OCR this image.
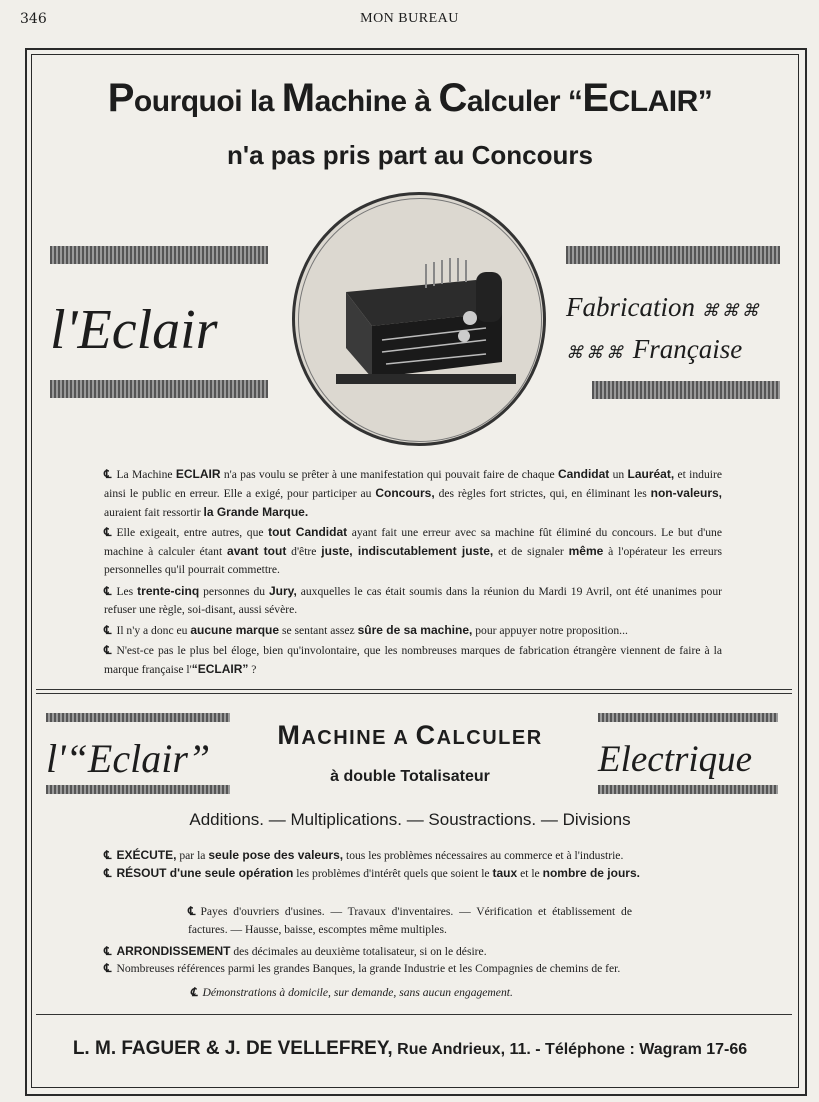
346	MON BUREAU
Pourquoi la Machine à Calculer “ECLAIR”
n'a pas pris part au Concours
l'Eclair	Fabrication ⌘⌘⌘
⌘⌘⌘ Française
℄ La Machine ECLAIR n'a pas voulu se prêter à une manifestation qui pouvait faire de chaque Candidat un Lauréat, et induire ainsi le public en erreur. Elle a exigé, pour participer au Concours, des règles fort strictes, qui, en éliminant les non-valeurs, auraient fait ressortir la Grande Marque.
℄ Elle exigeait, entre autres, que tout Candidat ayant fait une erreur avec sa machine fût éliminé du concours. Le but d'une machine à calculer étant avant tout d'être juste, indiscutablement juste, et de signaler même à l'opérateur les erreurs personnelles qu'il pourrait commettre.
℄ Les trente-cinq personnes du Jury, auxquelles le cas était soumis dans la réunion du Mardi 19 Avril, ont été unanimes pour refuser une règle, soi-disant, aussi sévère.
℄ Il n'y a donc eu aucune marque se sentant assez sûre de sa machine, pour appuyer notre proposition...
℄ N'est-ce pas le plus bel éloge, bien qu'involontaire, que les nombreuses marques de fabrication étrangère viennent de faire à la marque française l'“ECLAIR” ?
l'“Eclair”
MACHINE A CALCULER
à double Totalisateur	Electrique
Additions. — Multiplications. — Soustractions. — Divisions
℄ EXÉCUTE, par la seule pose des valeurs, tous les problèmes nécessaires au commerce et à l'industrie.
℄ RÉSOUT d'une seule opération les problèmes d'intérêt quels que soient le taux et le nombre de jours.
℄ Payes d'ouvriers d'usines. — Travaux d'inventaires. — Vérification et établissement de factures. — Hausse, baisse, escomptes même multiples.
℄ ARRONDISSEMENT des décimales au deuxième totalisateur, si on le désire.
℄ Nombreuses références parmi les grandes Banques, la grande Industrie et les Compagnies de chemins de fer.
℄ Démonstrations à domicile, sur demande, sans aucun engagement.
L. M. FAGUER & J. DE VELLEFREY, Rue Andrieux, 11. - Téléphone : Wagram 17-66
